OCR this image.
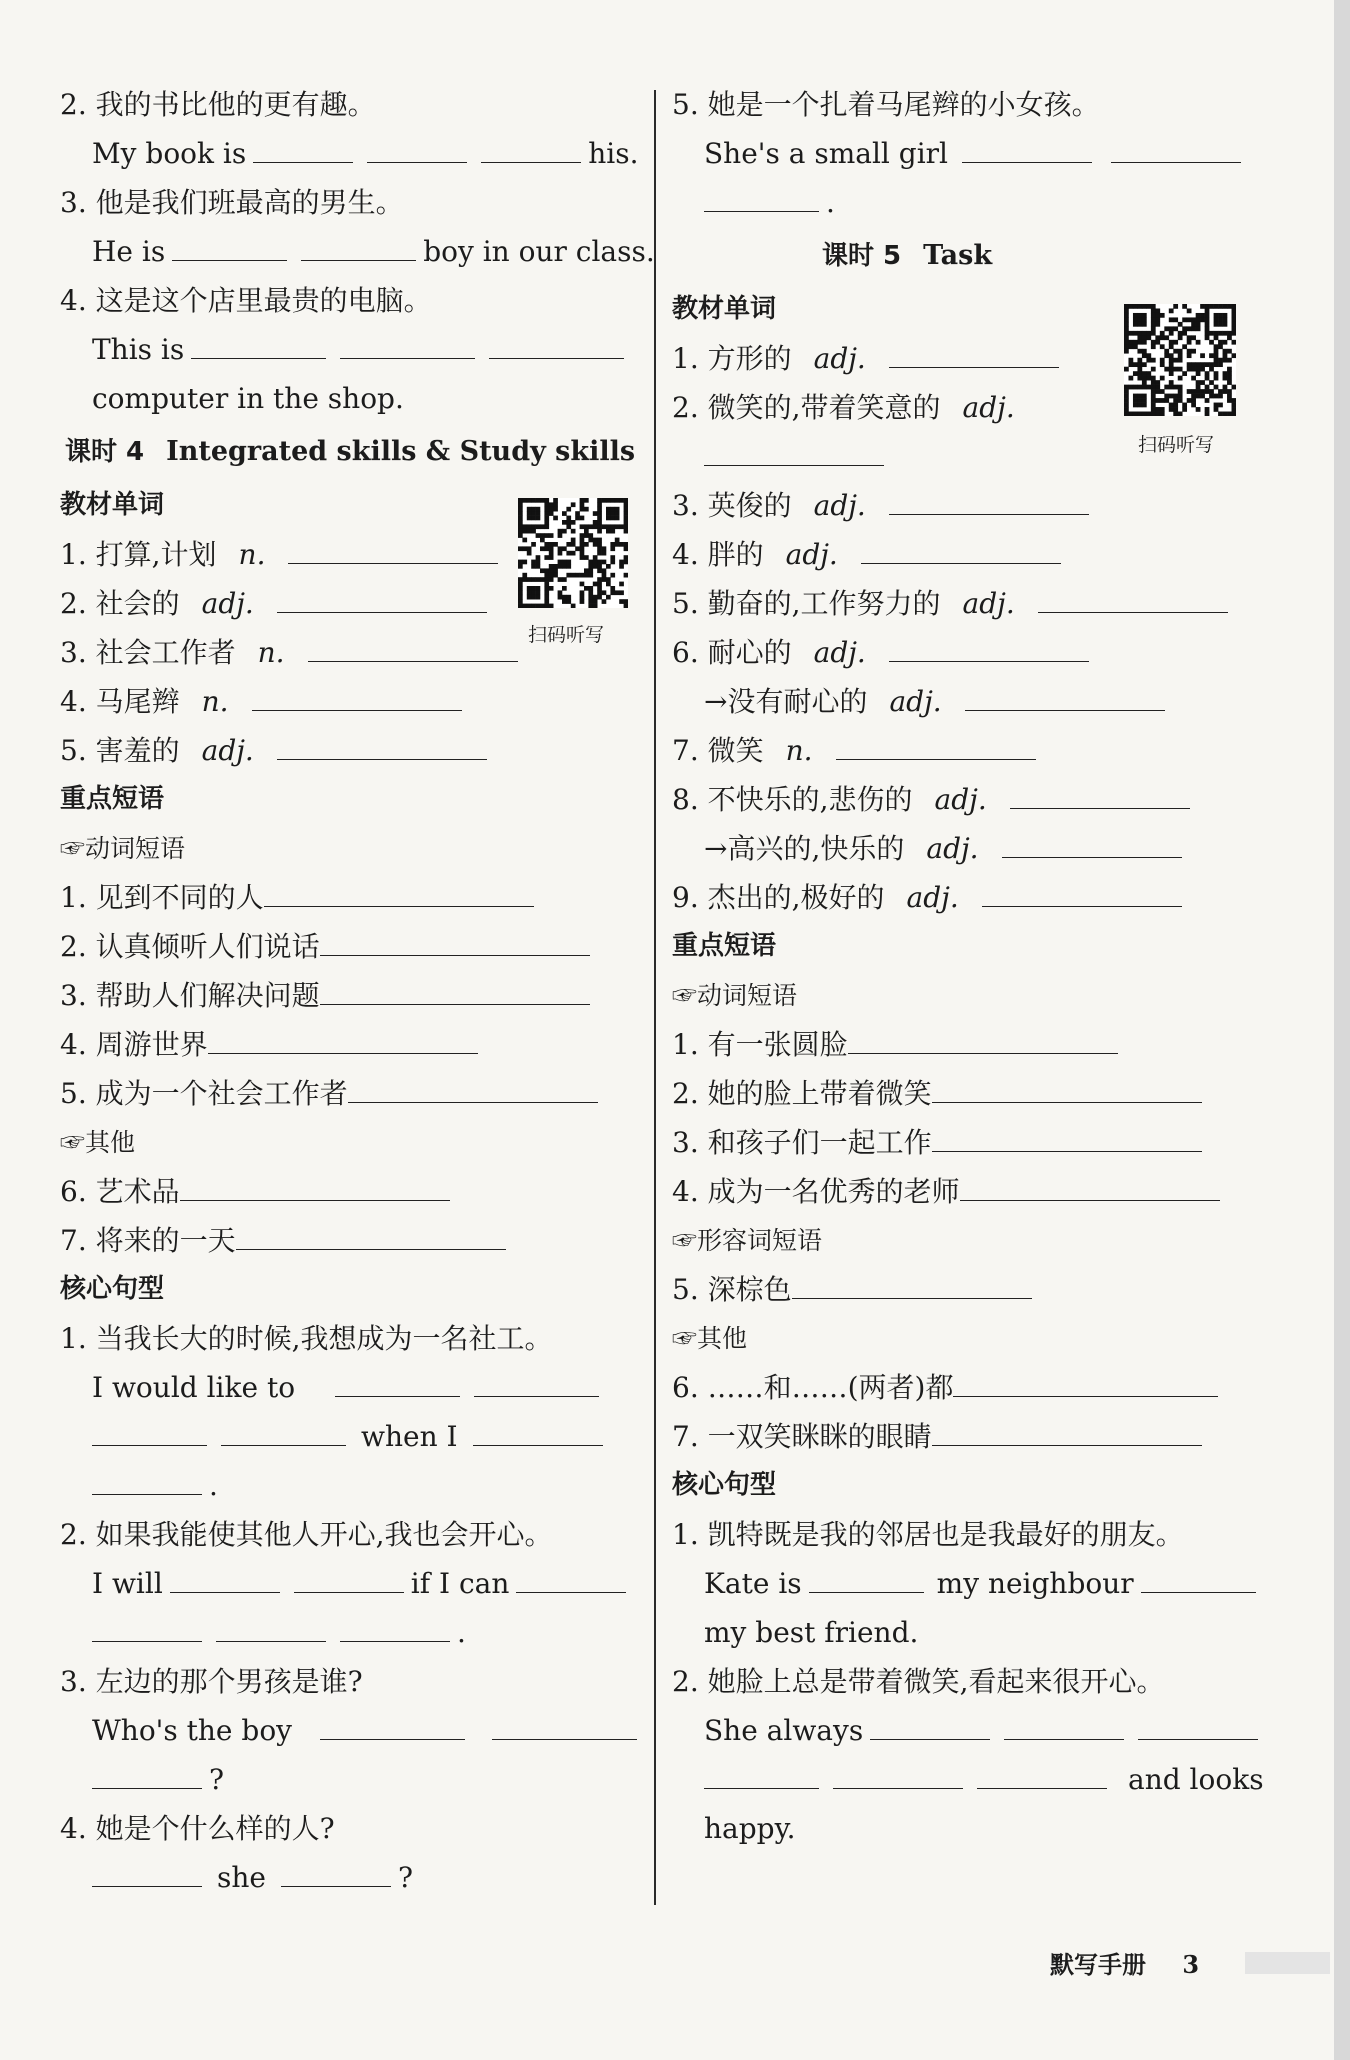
2. 我的书比他的更有趣。
My book is	his.
3. 他是我们班最高的男生。
He is	boy in our class.
4. 这是这个店里最贵的电脑。
This is
computer in the shop.
课时 4 Integrated skills & Study skills
教材单词
1. 打算,计划 n.
2. 社会的 adj.
3. 社会工作者 n.
4. 马尾辫 n.
5. 害羞的 adj.
重点短语
☞动词短语
1. 见到不同的人
2. 认真倾听人们说话
3. 帮助人们解决问题
4. 周游世界
5. 成为一个社会工作者
☞其他
6. 艺术品
7. 将来的一天
核心句型
1. 当我长大的时候,我想成为一名社工。
I would like to
when I
.
2. 如果我能使其他人开心,我也会开心。
I will	if I can
.
3. 左边的那个男孩是谁?
Who's the boy
?
4. 她是个什么样的人?
she	?
扫码听写
5. 她是一个扎着马尾辫的小女孩。
She's a small girl
.
课时 5 Task
教材单词
1. 方形的 adj.
2. 微笑的,带着笑意的 adj.
3. 英俊的 adj.
4. 胖的 adj.
5. 勤奋的,工作努力的 adj.
6. 耐心的 adj.
→没有耐心的 adj.
7. 微笑 n.
8. 不快乐的,悲伤的 adj.
→高兴的,快乐的 adj.
9. 杰出的,极好的 adj.
重点短语
☞动词短语
1. 有一张圆脸
2. 她的脸上带着微笑
3. 和孩子们一起工作
4. 成为一名优秀的老师
☞形容词短语
5. 深棕色
☞其他
6. ……和……(两者)都
7. 一双笑眯眯的眼睛
核心句型
1. 凯特既是我的邻居也是我最好的朋友。
Kate is	my neighbour
my best friend.
2. 她脸上总是带着微笑,看起来很开心。
She always
and looks
happy.
扫码听写
默写手册 3
